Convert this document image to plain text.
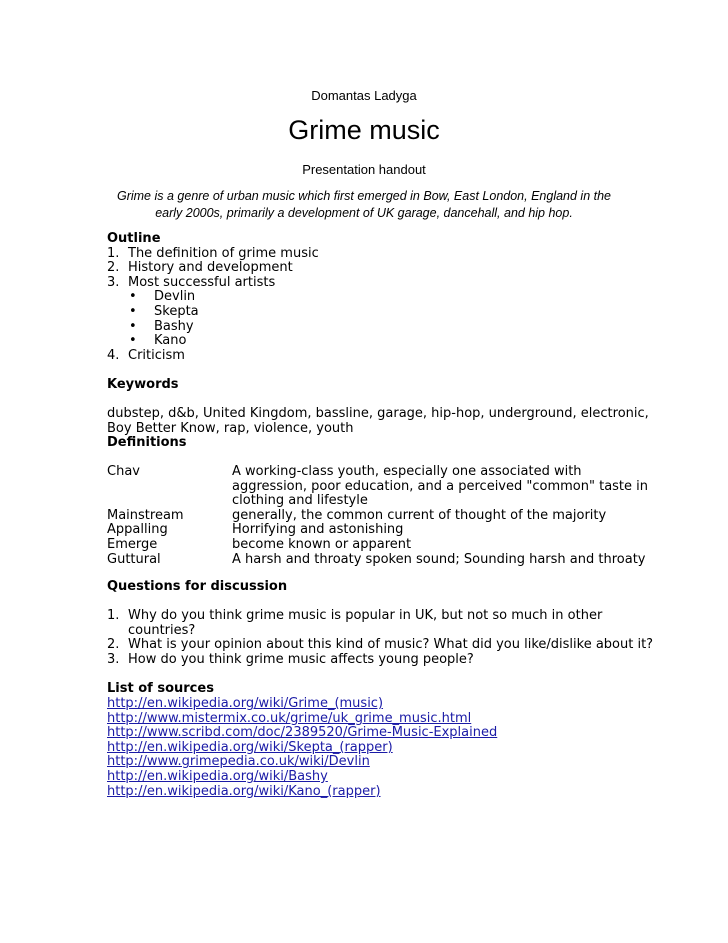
Domantas Ladyga
Grime music
Presentation handout
Grime is a genre of urban music which first emerged in Bow, East London, England in the early 2000s, primarily a development of UK garage, dancehall, and hip hop.
Outline
1. The definition of grime music
2. History and development
3. Most successful artists
• Devlin
• Skepta
• Bashy
• Kano
4. Criticism
Keywords
dubstep, d&b, United Kingdom, bassline, garage, hip-hop, underground, electronic,
Boy Better Know, rap, violence, youth
Definitions
Chav	A working-class youth, especially one associated with
aggression, poor education, and a perceived "common" taste in
clothing and lifestyle
Mainstream	generally, the common current of thought of the majority
Appalling	Horrifying and astonishing
Emerge	become known or apparent
Guttural	A harsh and throaty spoken sound; Sounding harsh and throaty
Questions for discussion
1. Why do you think grime music is popular in UK, but not so much in other
countries?
2. What is your opinion about this kind of music? What did you like/dislike about it?
3. How do you think grime music affects young people?
List of sources
http://en.wikipedia.org/wiki/Grime_(music)
http://www.mistermix.co.uk/grime/uk_grime_music.html
http://www.scribd.com/doc/2389520/Grime-Music-Explained
http://en.wikipedia.org/wiki/Skepta_(rapper)
http://www.grimepedia.co.uk/wiki/Devlin
http://en.wikipedia.org/wiki/Bashy
http://en.wikipedia.org/wiki/Kano_(rapper)
